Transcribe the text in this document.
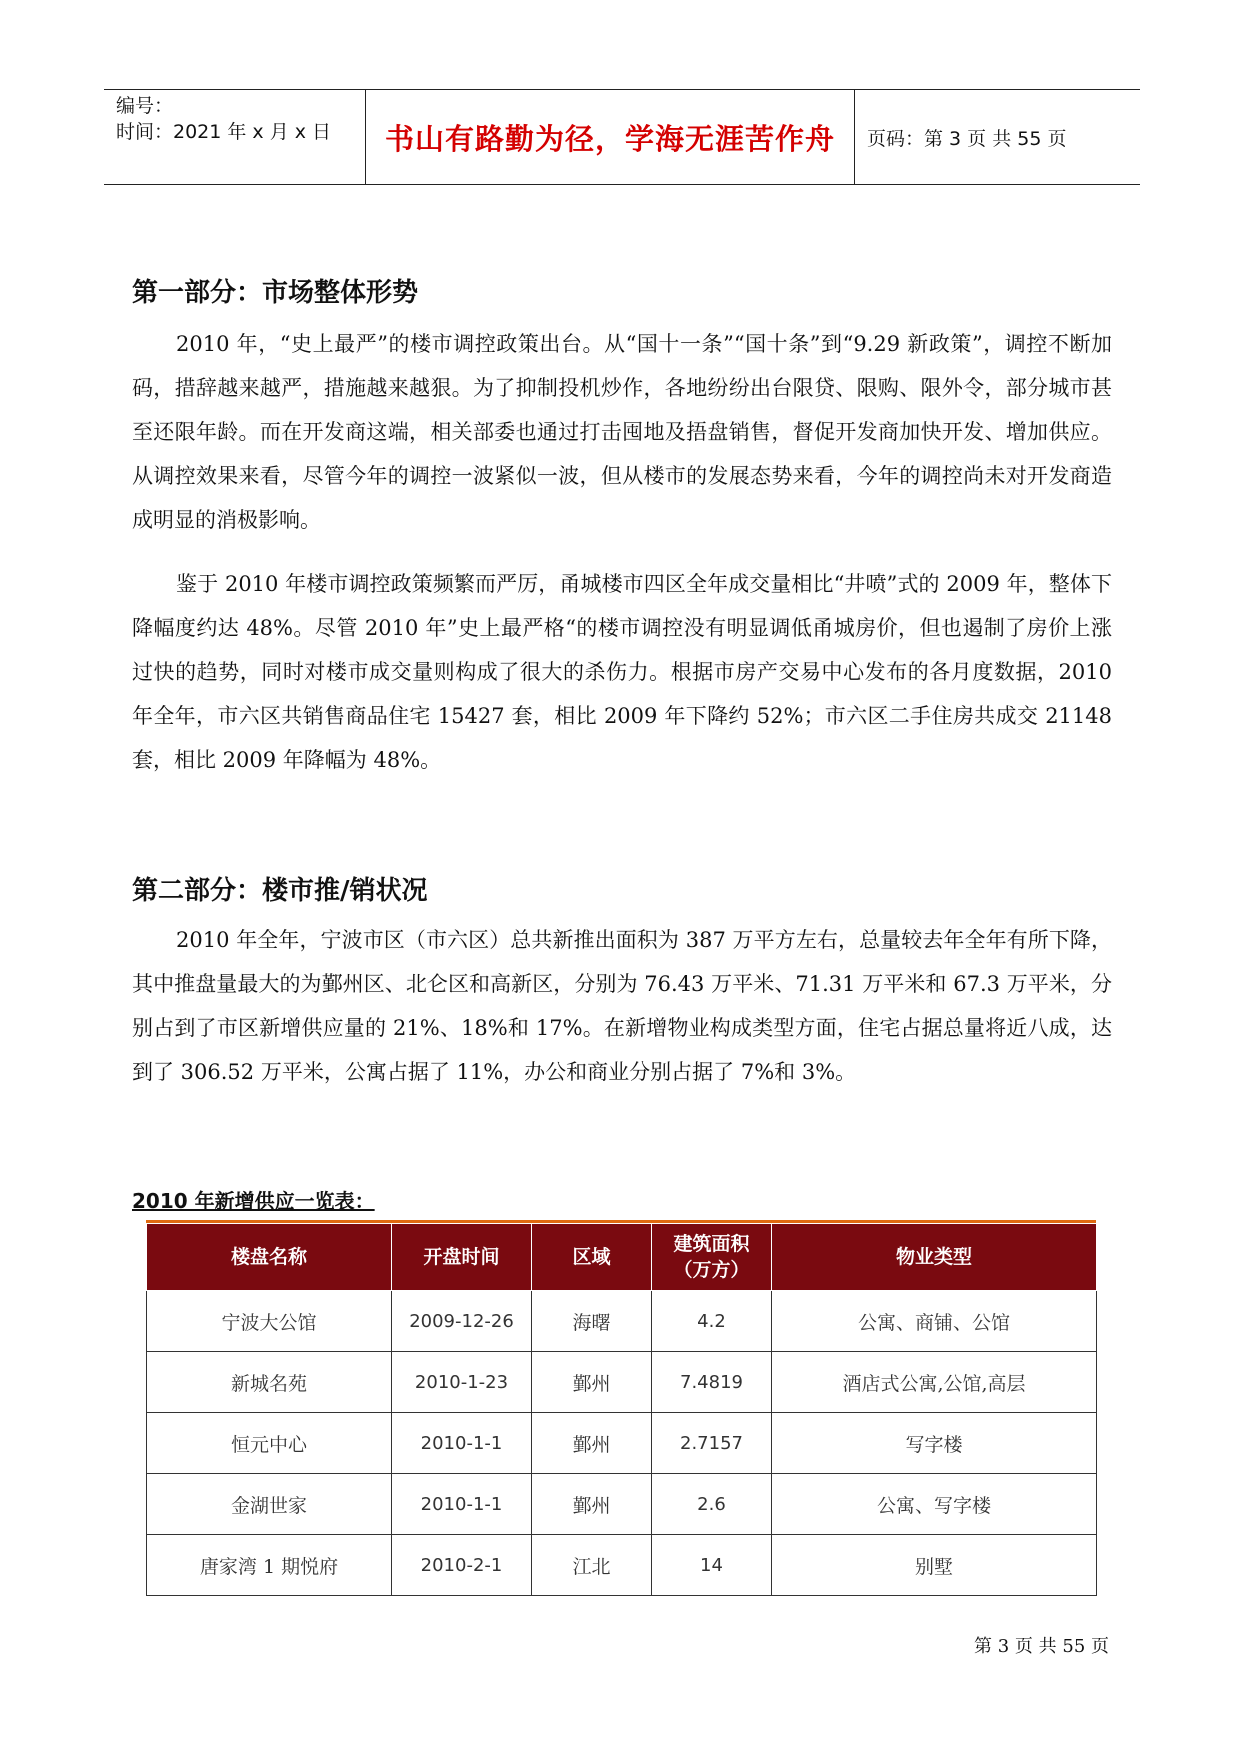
编号：
时间：2021 年 x 月 x 日	书山有路勤为径，学海无涯苦作舟	页码：第 3 页 共 55 页
第一部分：市场整体形势

2010 年，“史上最严”的楼市调控政策出台。从“国十一条”“国十条”到“9.29 新政策”，调控不断加码，措辞越来越严，措施越来越狠。为了抑制投机炒作，各地纷纷出台限贷、限购、限外令，部分城市甚至还限年龄。而在开发商这端，相关部委也通过打击囤地及捂盘销售，督促开发商加快开发、增加供应。从调控效果来看，尽管今年的调控一波紧似一波，但从楼市的发展态势来看，今年的调控尚未对开发商造成明显的消极影响。

鉴于 2010 年楼市调控政策频繁而严厉，甬城楼市四区全年成交量相比“井喷”式的 2009 年，整体下降幅度约达 48%。尽管 2010 年”史上最严格“的楼市调控没有明显调低甬城房价，但也遏制了房价上涨过快的趋势，同时对楼市成交量则构成了很大的杀伤力。根据市房产交易中心发布的各月度数据，2010 年全年，市六区共销售商品住宅 15427 套，相比 2009 年下降约 52%；市六区二手住房共成交 21148 套，相比 2009 年降幅为 48%。

第二部分：楼市推/销状况

2010 年全年，宁波市区（市六区）总共新推出面积为 387 万平方左右，总量较去年全年有所下降，其中推盘量最大的为鄞州区、北仑区和高新区，分别为 76.43 万平米、71.31 万平米和 67.3 万平米，分别占到了市区新增供应量的 21%、18%和 17%。在新增物业构成类型方面，住宅占据总量将近八成，达到了 306.52 万平米，公寓占据了 11%，办公和商业分别占据了 7%和 3%。

2010 年新增供应一览表：
楼盘名称	开盘时间	区域	建筑面积（万方）	物业类型
宁波大公馆	2009-12-26	海曙	4.2	公寓、商铺、公馆
新城名苑	2010-1-23	鄞州	7.4819	酒店式公寓,公馆,高层
恒元中心	2010-1-1	鄞州	2.7157	写字楼
金湖世家	2010-1-1	鄞州	2.6	公寓、写字楼
唐家湾 1 期悦府	2010-2-1	江北	14	别墅
第 3 页 共 55 页
